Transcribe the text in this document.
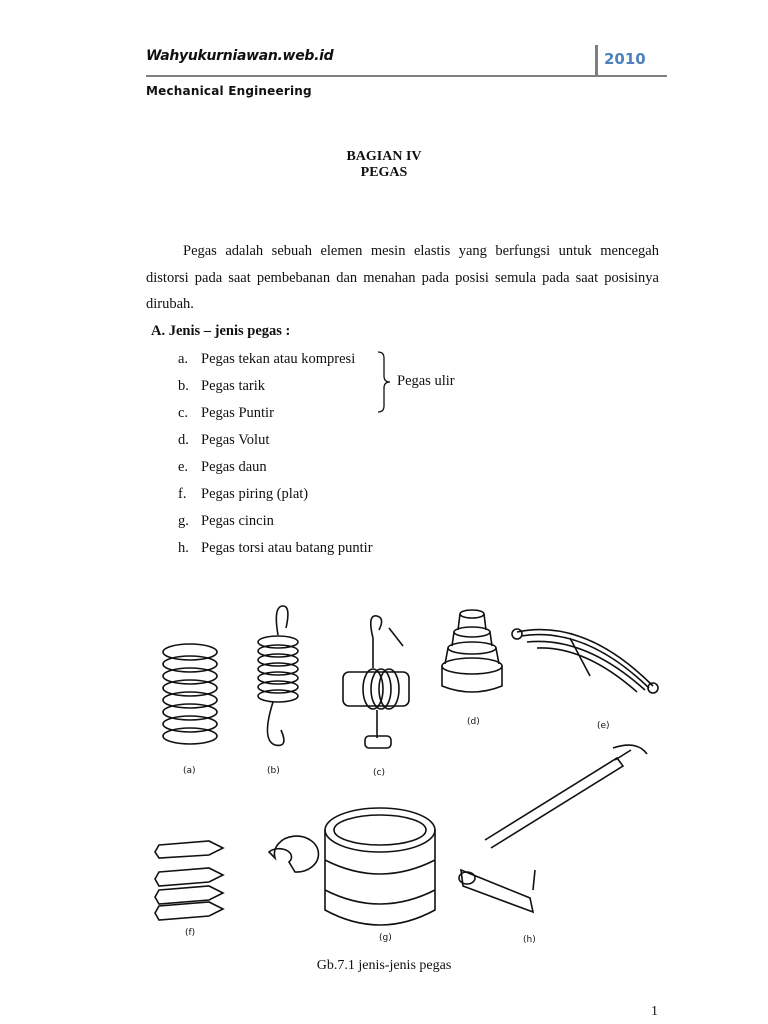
Wahyukurniawan.web.id	2010
Mechanical Engineering
BAGIAN IV
PEGAS

Pegas adalah sebuah elemen mesin elastis yang berfungsi untuk mencegah distorsi pada saat pembebanan dan menahan pada posisi semula pada saat posisinya dirubah.

A. Jenis – jenis pegas :
a. Pegas tekan atau kompresi
b. Pegas tarik
c. Pegas Puntir
d. Pegas Volut
e. Pegas daun
f. Pegas piring (plat)
g. Pegas cincin
h. Pegas torsi atau batang puntir
Pegas ulir
(a)	(b)	(c)
(d)	(e)
(f)	(g)	(h)
Gb.7.1 jenis-jenis pegas
1
